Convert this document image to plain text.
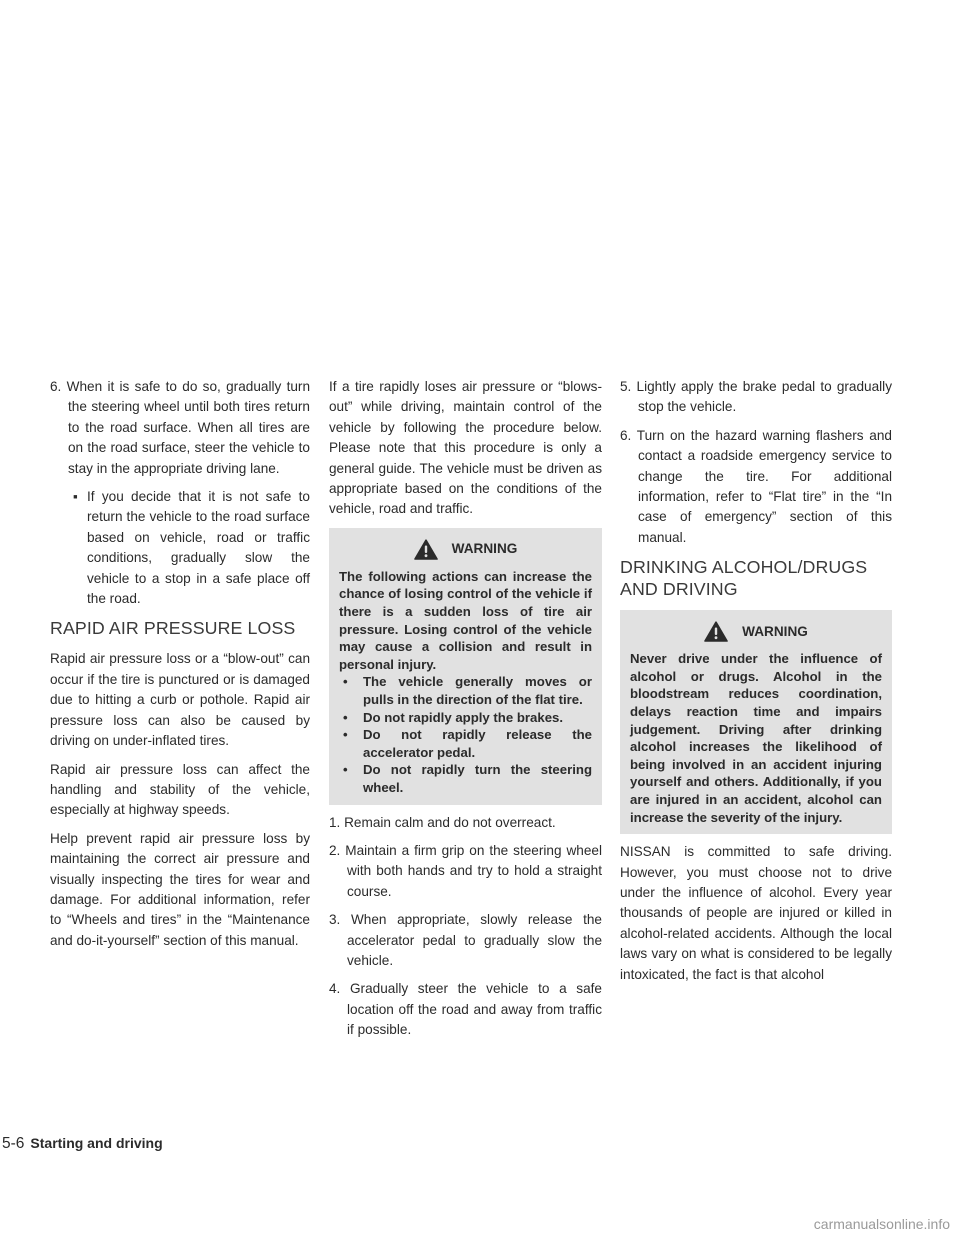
6. When it is safe to do so, gradually turn the steering wheel until both tires return to the road surface. When all tires are on the road surface, steer the vehicle to stay in the appropriate driving lane.

▪ If you decide that it is not safe to return the vehicle to the road surface based on vehicle, road or traffic conditions, gradually slow the vehicle to a stop in a safe place off the road.
RAPID AIR PRESSURE LOSS

Rapid air pressure loss or a “blow-out” can occur if the tire is punctured or is damaged due to hitting a curb or pothole. Rapid air pressure loss can also be caused by driving on under-inflated tires.

Rapid air pressure loss can affect the handling and stability of the vehicle, especially at highway speeds.

Help prevent rapid air pressure loss by maintaining the correct air pressure and visually inspecting the tires for wear and damage. For additional information, refer to “Wheels and tires” in the “Maintenance and do-it-yourself” section of this manual.

If a tire rapidly loses air pressure or “blows-out” while driving, maintain control of the vehicle by following the procedure below. Please note that this procedure is only a general guide. The vehicle must be driven as appropriate based on the conditions of the vehicle, road and traffic.

WARNING

The following actions can increase the chance of losing control of the vehicle if there is a sudden loss of tire air pressure. Losing control of the vehicle may cause a collision and result in personal injury.

• The vehicle generally moves or pulls in the direction of the flat tire.
• Do not rapidly apply the brakes.
• Do not rapidly release the accelerator pedal.
• Do not rapidly turn the steering wheel.

1. Remain calm and do not overreact.

2. Maintain a firm grip on the steering wheel with both hands and try to hold a straight course.

3. When appropriate, slowly release the accelerator pedal to gradually slow the vehicle.

4. Gradually steer the vehicle to a safe location off the road and away from traffic if possible.

5. Lightly apply the brake pedal to gradually stop the vehicle.

6. Turn on the hazard warning flashers and contact a roadside emergency service to change the tire. For additional information, refer to “Flat tire” in the “In case of emergency” section of this manual.

DRINKING ALCOHOL/DRUGS AND DRIVING
WARNING

Never drive under the influence of alcohol or drugs. Alcohol in the bloodstream reduces coordination, delays reaction time and impairs judgement. Driving after drinking alcohol increases the likelihood of being involved in an accident injuring yourself and others. Additionally, if you are injured in an accident, alcohol can increase the severity of the injury.

NISSAN is committed to safe driving. However, you must choose not to drive under the influence of alcohol. Every year thousands of people are injured or killed in alcohol-related accidents. Although the local laws vary on what is considered to be legally intoxicated, the fact is that alcohol

5-6 Starting and driving
carmanualsonline.info
